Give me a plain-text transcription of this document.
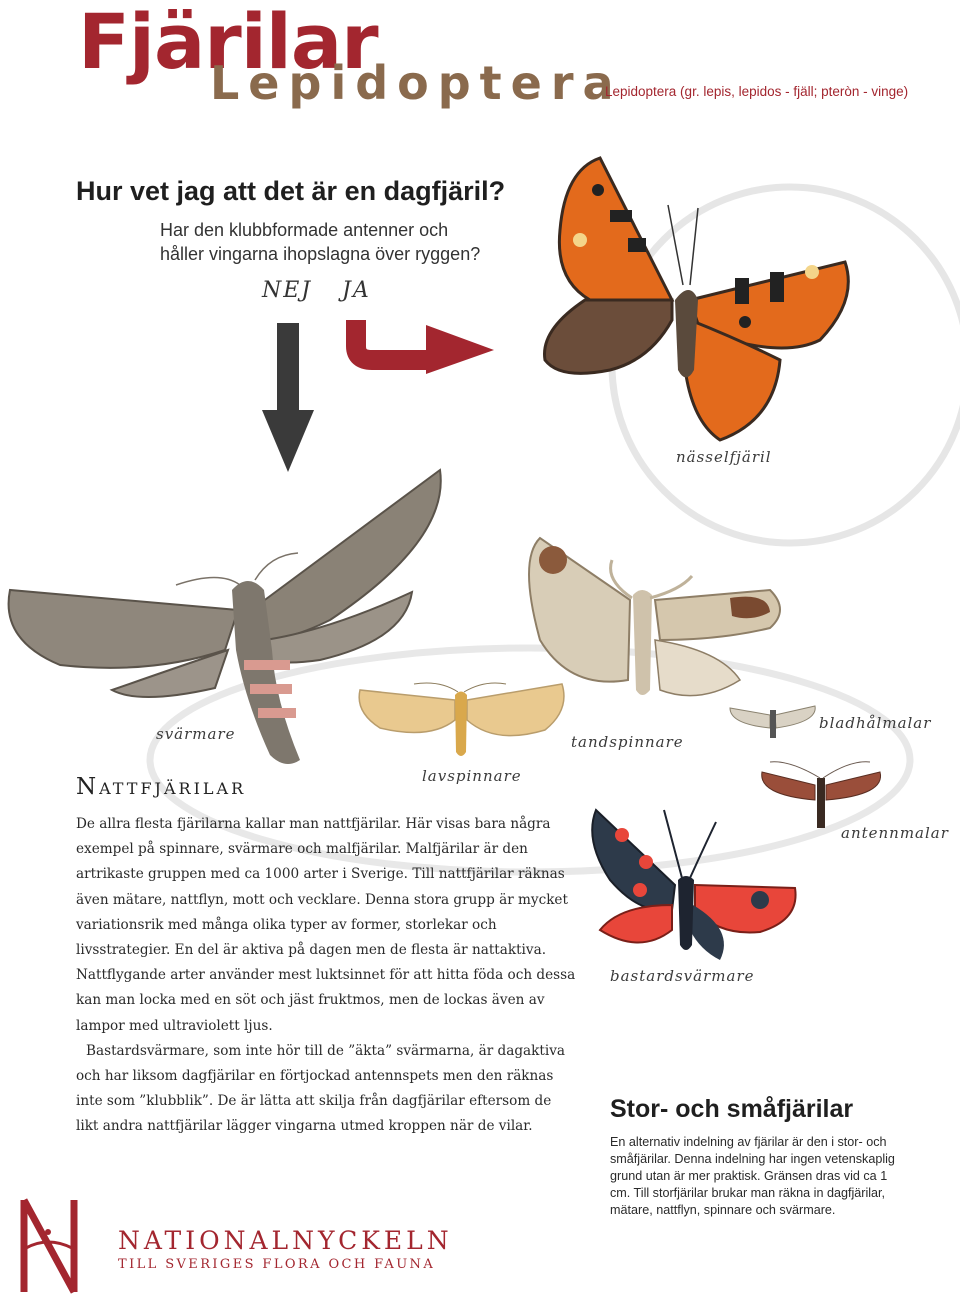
Fjärilar
Lepidoptera
Lepidoptera (gr. lepis, lepidos - fjäll; pteròn - vinge)
Hur vet jag att det är en dagfjäril?
Har den klubbformade antenner och
håller vingarna ihopslagna över ryggen?
NEJ JA
nässelfjäril
svärmare
lavspinnare
tandspinnare
bladhålmalar
antennmalar
bastardsvärmare
Nattfjärilar

De allra flesta fjärilarna kallar man nattfjärilar. Här visas bara några exempel på spinnare, svärmare och malfjärilar. Malfjärilar är den artrikaste gruppen med ca 1000 arter i Sverige. Till nattfjärilar räknas även mätare, nattflyn, mott och vecklare. Denna stora grupp är mycket variationsrik med många olika typer av former, storlekar och livsstrategier. En del är aktiva på dagen men de flesta är nattaktiva. Nattflygande arter använder mest luktsinnet för att hitta föda och dessa kan man locka med en söt och jäst fruktmos, men de lockas även av lampor med ultraviolett ljus.

Bastardsvärmare, som inte hör till de ”äkta” svärmarna, är dagaktiva och har liksom dagfjärilar en förtjockad antennspets men den räknas inte som ”klubblik”. De är lätta att skilja från dagfjärilar eftersom de likt andra nattfjärilar lägger vingarna utmed kroppen när de vilar.

Stor- och småfjärilar
En alternativ indelning av fjärilar är den i stor- och småfjärilar. Denna indelning har ingen vetenskaplig grund utan är mer praktisk. Gränsen dras vid ca 1 cm. Till storfjärilar brukar man räkna in dagfjärilar, mätare, nattflyn, spinnare och svärmare.
NATIONALNYCKELN
TILL SVERIGES FLORA OCH FAUNA
